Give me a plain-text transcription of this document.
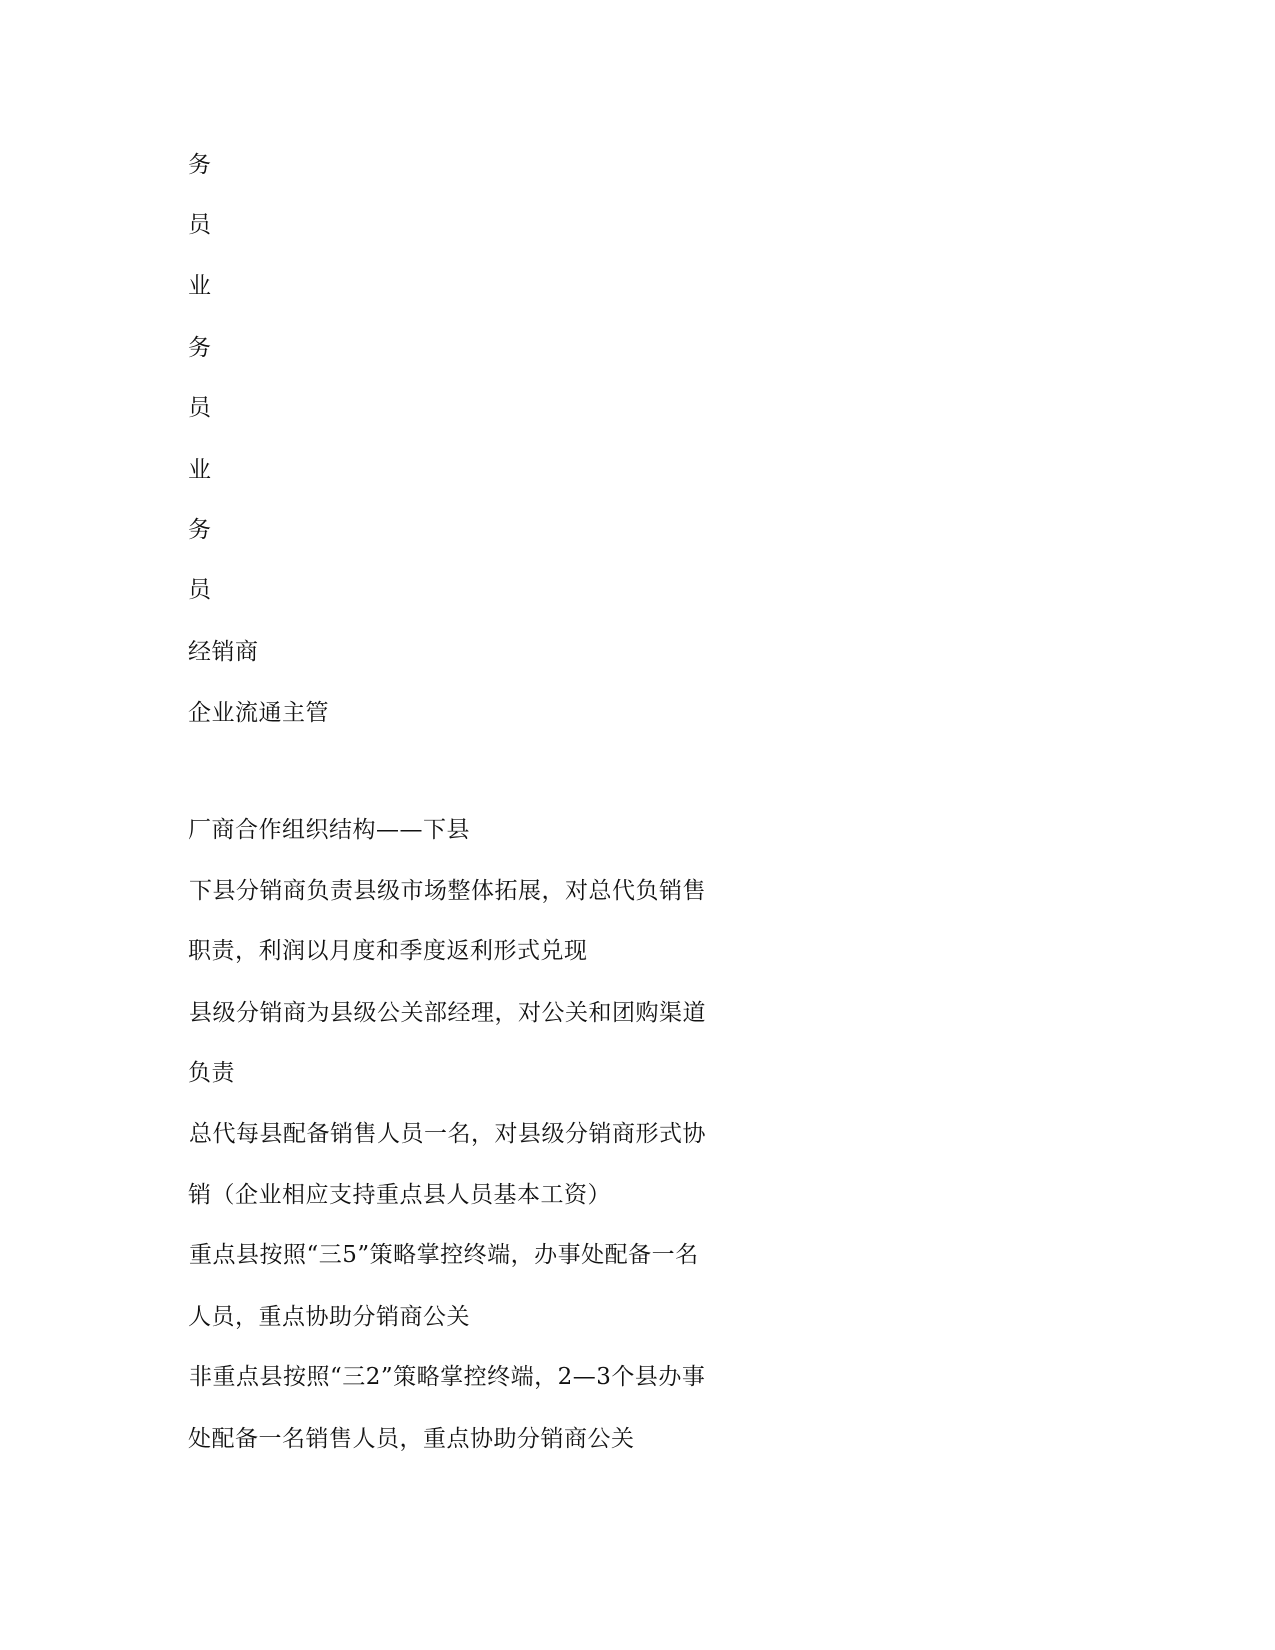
务

员

业

务

员

业

务

员

经销商

企业流通主管

厂商合作组织结构——下县

下县分销商负责县级市场整体拓展，对总代负销售

职责，利润以月度和季度返利形式兑现

县级分销商为县级公关部经理，对公关和团购渠道

负责

总代每县配备销售人员一名，对县级分销商形式协

销（企业相应支持重点县人员基本工资）

重点县按照“三5”策略掌控终端，办事处配备一名

人员，重点协助分销商公关

非重点县按照“三2”策略掌控终端，2—3个县办事

处配备一名销售人员，重点协助分销商公关
